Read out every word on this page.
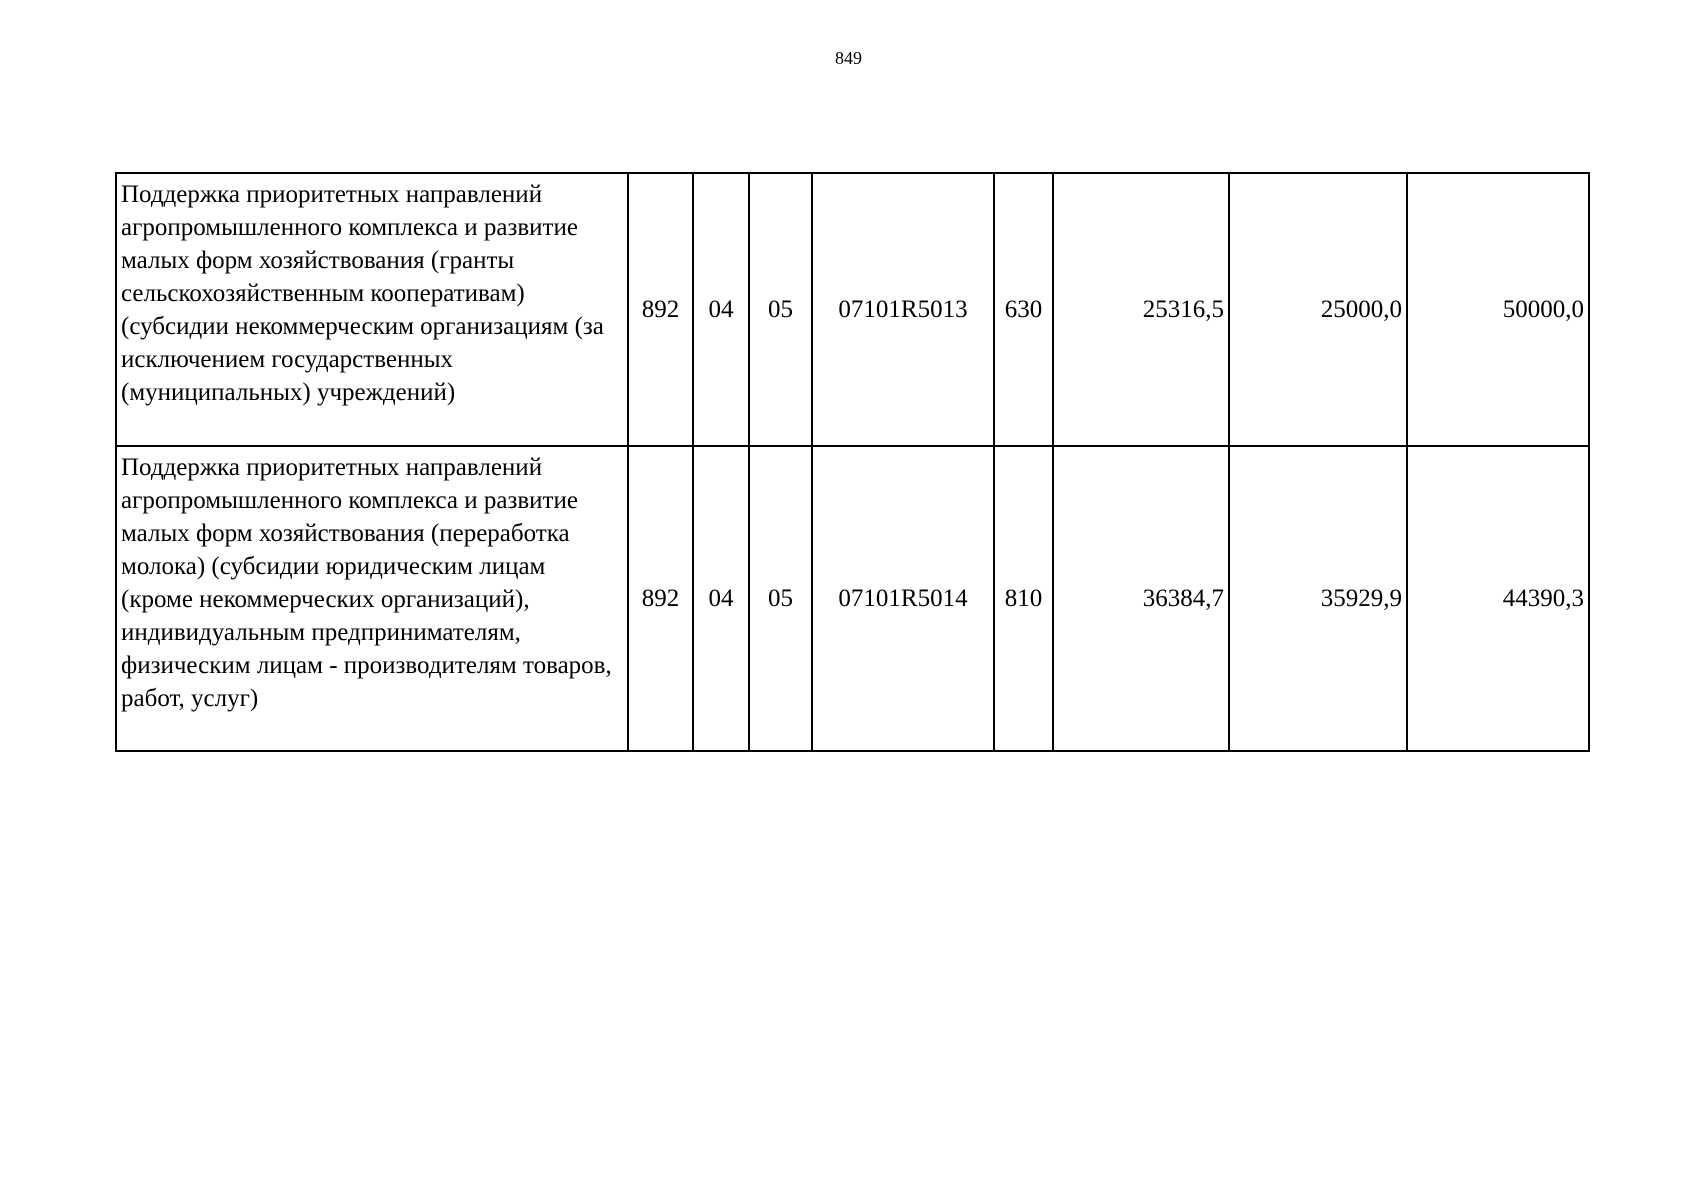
849
Поддержка приоритетных направлений агропромышленного комплекса и развитие малых форм хозяйствования (гранты сельскохозяйственным кооперативам) (субсидии некоммерческим организациям (за исключением государственных (муниципальных) учреждений)	892	04	05	07101R5013	630	25316,5	25000,0	50000,0
Поддержка приоритетных направлений агропромышленного комплекса и развитие малых форм хозяйствования (переработка молока) (субсидии юридическим лицам (кроме некоммерческих организаций), индивидуальным предпринимателям, физическим лицам - производителям товаров, работ, услуг)	892	04	05	07101R5014	810	36384,7	35929,9	44390,3
